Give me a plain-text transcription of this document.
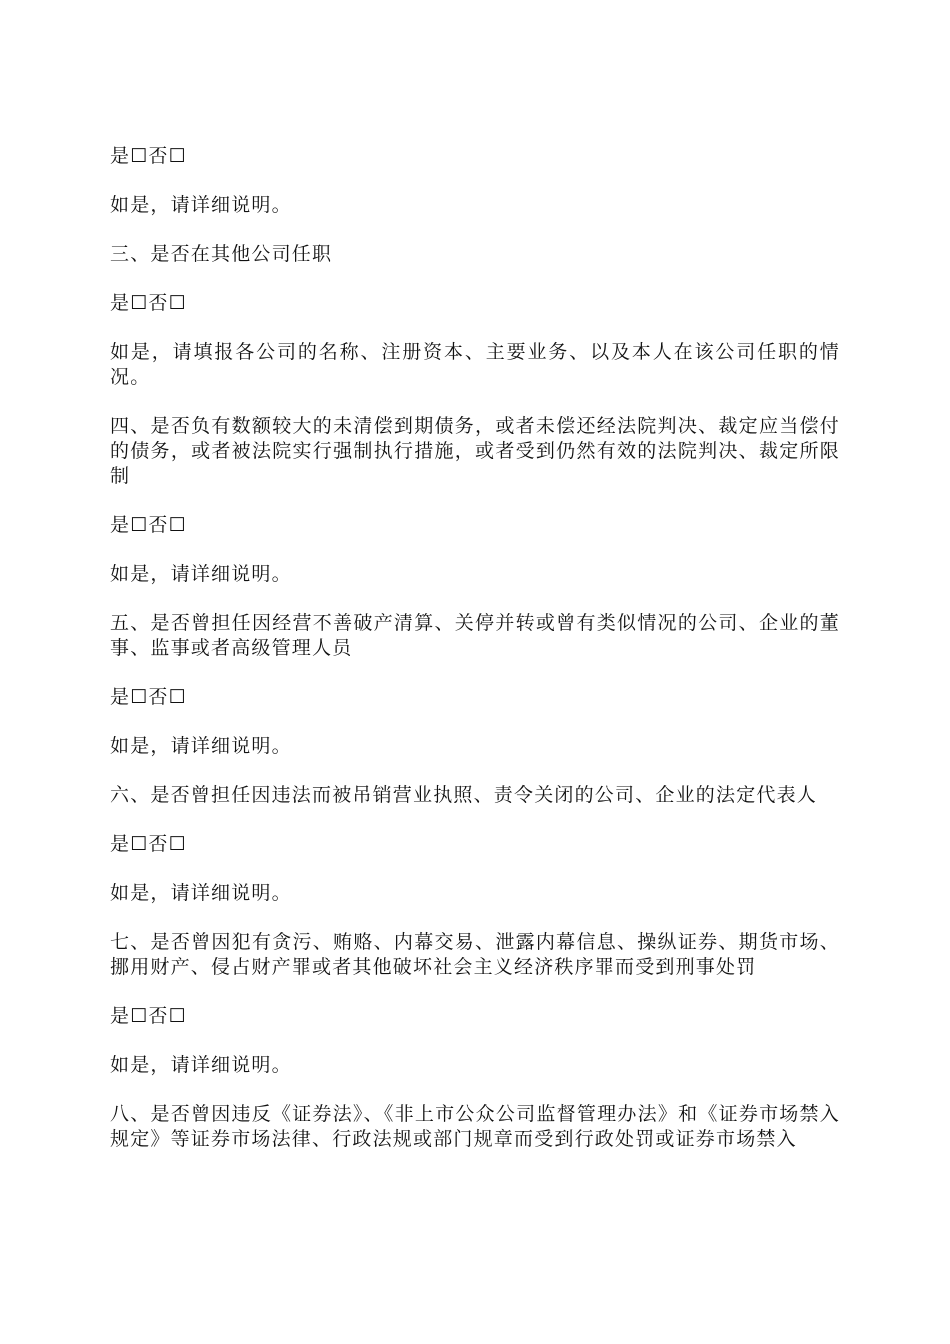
是☐否☐

如是，请详细说明。

三、是否在其他公司任职

是☐否☐

如是，请填报各公司的名称、注册资本、主要业务、以及本人在该公司任职的情况。

四、是否负有数额较大的未清偿到期债务，或者未偿还经法院判决、裁定应当偿付的债务，或者被法院实行强制执行措施，或者受到仍然有效的法院判决、裁定所限制

是☐否☐

如是，请详细说明。

五、是否曾担任因经营不善破产清算、关停并转或曾有类似情况的公司、企业的董事、监事或者高级管理人员

是☐否☐

如是，请详细说明。

六、是否曾担任因违法而被吊销营业执照、责令关闭的公司、企业的法定代表人

是☐否☐

如是，请详细说明。

七、是否曾因犯有贪污、贿赂、内幕交易、泄露内幕信息、操纵证券、期货市场、挪用财产、侵占财产罪或者其他破坏社会主义经济秩序罪而受到刑事处罚

是☐否☐

如是，请详细说明。

八、是否曾因违反《证券法》、《非上市公众公司监督管理办法》和《证券市场禁入规定》等证券市场法律、行政法规或部门规章而受到行政处罚或证券市场禁入
